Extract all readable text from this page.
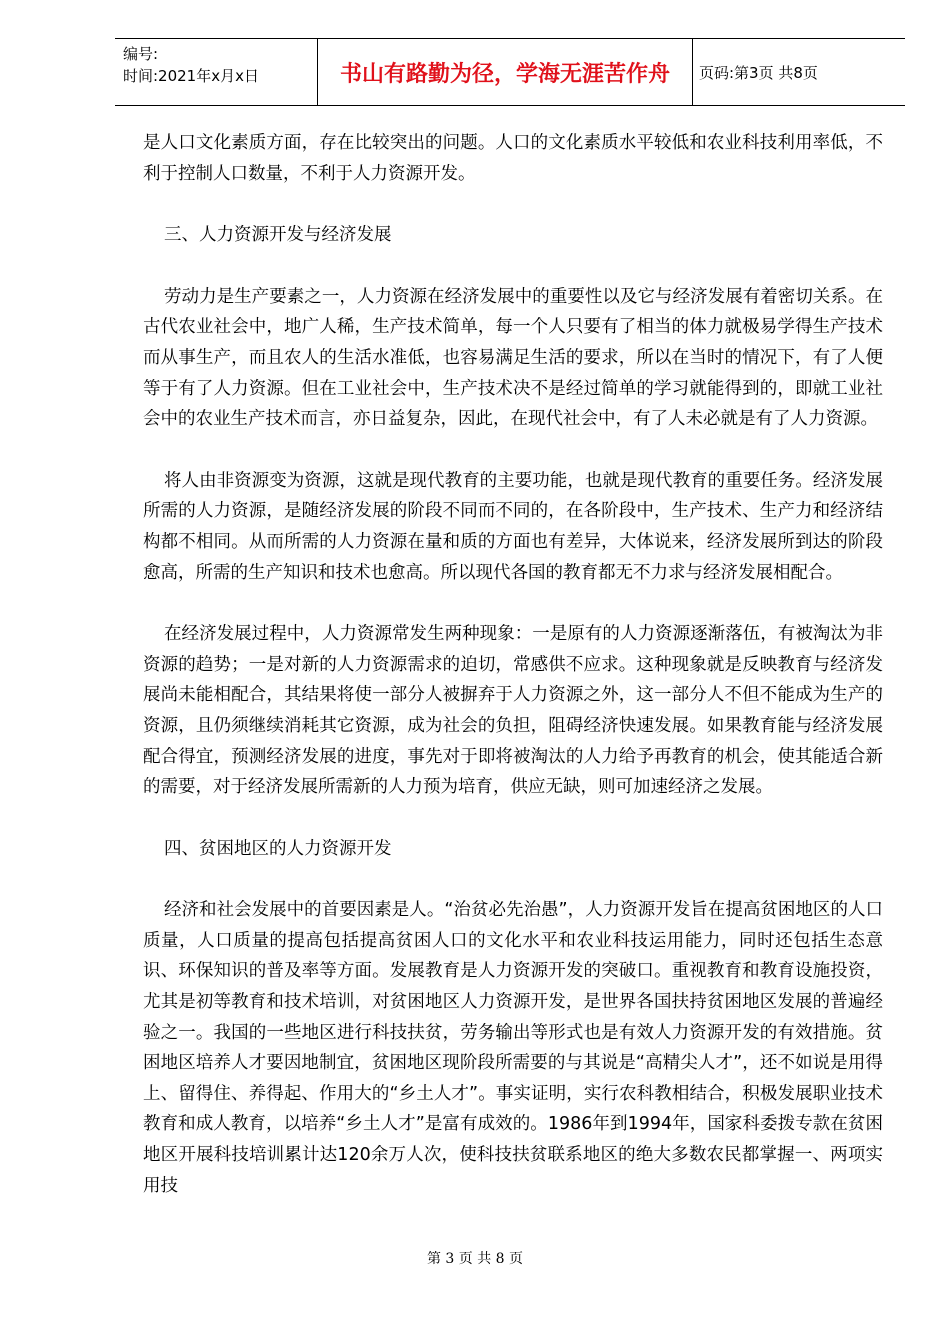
编号:
时间:2021年x月x日	书山有路勤为径，学海无涯苦作舟	页码:第3页 共8页

是人口文化素质方面，存在比较突出的问题。人口的文化素质水平较低和农业科技利用率低，不利于控制人口数量，不利于人力资源开发。

三、人力资源开发与经济发展

劳动力是生产要素之一，人力资源在经济发展中的重要性以及它与经济发展有着密切关系。在古代农业社会中，地广人稀，生产技术简单，每一个人只要有了相当的体力就极易学得生产技术而从事生产，而且农人的生活水准低，也容易满足生活的要求，所以在当时的情况下，有了人便等于有了人力资源。但在工业社会中，生产技术决不是经过简单的学习就能得到的，即就工业社会中的农业生产技术而言，亦日益复杂，因此，在现代社会中，有了人未必就是有了人力资源。

将人由非资源变为资源，这就是现代教育的主要功能，也就是现代教育的重要任务。经济发展所需的人力资源，是随经济发展的阶段不同而不同的，在各阶段中，生产技术、生产力和经济结构都不相同。从而所需的人力资源在量和质的方面也有差异，大体说来，经济发展所到达的阶段愈高，所需的生产知识和技术也愈高。所以现代各国的教育都无不力求与经济发展相配合。

在经济发展过程中，人力资源常发生两种现象：一是原有的人力资源逐渐落伍，有被淘汰为非资源的趋势；一是对新的人力资源需求的迫切，常感供不应求。这种现象就是反映教育与经济发展尚未能相配合，其结果将使一部分人被摒弃于人力资源之外，这一部分人不但不能成为生产的资源，且仍须继续消耗其它资源，成为社会的负担，阻碍经济快速发展。如果教育能与经济发展配合得宜，预测经济发展的进度，事先对于即将被淘汰的人力给予再教育的机会，使其能适合新的需要，对于经济发展所需新的人力预为培育，供应无缺，则可加速经济之发展。

四、贫困地区的人力资源开发

经济和社会发展中的首要因素是人。“治贫必先治愚”，人力资源开发旨在提高贫困地区的人口质量，人口质量的提高包括提高贫困人口的文化水平和农业科技运用能力，同时还包括生态意识、环保知识的普及率等方面。发展教育是人力资源开发的突破口。重视教育和教育设施投资，尤其是初等教育和技术培训，对贫困地区人力资源开发，是世界各国扶持贫困地区发展的普遍经验之一。我国的一些地区进行科技扶贫，劳务输出等形式也是有效人力资源开发的有效措施。贫困地区培养人才要因地制宜，贫困地区现阶段所需要的与其说是“高精尖人才”，还不如说是用得上、留得住、养得起、作用大的“乡土人才”。事实证明，实行农科教相结合，积极发展职业技术教育和成人教育，以培养“乡土人才”是富有成效的。1986年到1994年，国家科委拨专款在贫困地区开展科技培训累计达120余万人次，使科技扶贫联系地区的绝大多数农民都掌握一、两项实用技

第 3 页 共 8 页
